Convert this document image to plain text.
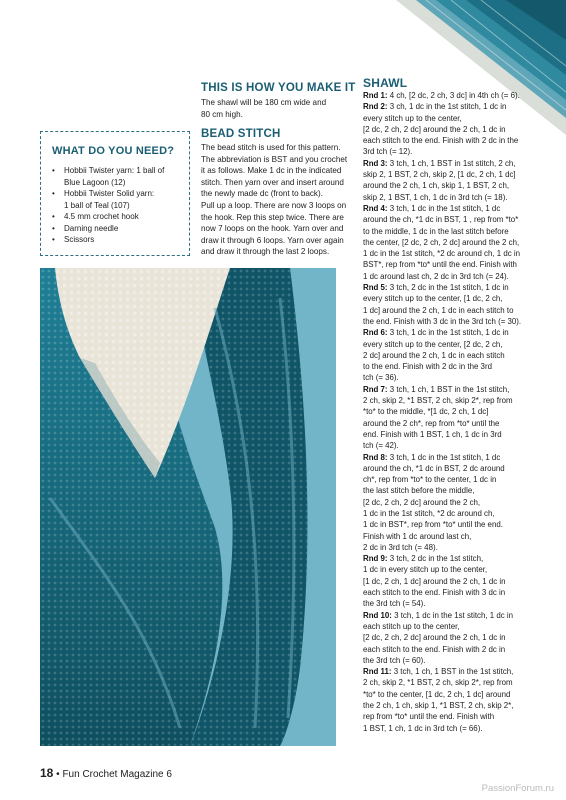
THIS IS HOW YOU MAKE IT
The shawl will be 180 cm wide and
80 cm high.
BEAD STITCH
The bead stitch is used for this pattern.
The abbreviation is BST and you crochet
it as follows. Make 1 dc in the indicated
stitch. Then yarn over and insert around
the newly made dc (front to back).
Pull up a loop. There are now 3 loops on
the hook. Rep this step twice. There are
now 7 loops on the hook. Yarn over and
draw it through 6 loops. Yarn over again
and draw it through the last 2 loops.
WHAT DO YOU NEED?
• Hobbii Twister yarn: 1 ball of
Blue Lagoon (12)
• Hobbii Twister Solid yarn:
1 ball of Teal (107)
• 4.5 mm crochet hook
• Darning needle
• Scissors
SHAWL

Rnd 1: 4 ch, [2 dc, 2 ch, 3 dc] in 4th ch (= 6).

Rnd 2: 3 ch, 1 dc in the 1st stitch, 1 dc in
every stitch up to the center,
[2 dc, 2 ch, 2 dc] around the 2 ch, 1 dc in
each stitch to the end. Finish with 2 dc in the
3rd tch (= 12).

Rnd 3: 3 tch, 1 ch, 1 BST in 1st stitch, 2 ch,
skip 2, 1 BST, 2 ch, skip 2, [1 dc, 2 ch, 1 dc]
around the 2 ch, 1 ch, skip 1, 1 BST, 2 ch,
skip 2, 1 BST, 1 ch, 1 dc in 3rd tch (= 18).

Rnd 4: 3 tch, 1 dc in the 1st stitch, 1 dc
around the ch, *1 dc in BST, 1 , rep from *to*
to the middle, 1 dc in the last stitch before
the center, [2 dc, 2 ch, 2 dc] around the 2 ch,
1 dc in the 1st stitch, *2 dc around ch, 1 dc in
BST*, rep from *to* until the end. Finish with
1 dc around last ch, 2 dc in 3rd tch (= 24).

Rnd 5: 3 tch, 2 dc in the 1st stitch, 1 dc in
every stitch up to the center, [1 dc, 2 ch,
1 dc] around the 2 ch, 1 dc in each stitch to
the end. Finish with 3 dc in the 3rd tch (= 30).

Rnd 6: 3 tch, 1 dc in the 1st stitch, 1 dc in
every stitch up to the center, [2 dc, 2 ch,
2 dc] around the 2 ch, 1 dc in each stitch
to the end. Finish with 2 dc in the 3rd
tch (= 36).

Rnd 7: 3 tch, 1 ch, 1 BST in the 1st stitch,
2 ch, skip 2, *1 BST, 2 ch, skip 2*, rep from
*to* to the middle, *[1 dc, 2 ch, 1 dc]
around the 2 ch*, rep from *to* until the
end. Finish with 1 BST, 1 ch, 1 dc in 3rd
tch (= 42).

Rnd 8: 3 tch, 1 dc in the 1st stitch, 1 dc
around the ch, *1 dc in BST, 2 dc around
ch*, rep from *to* to the center, 1 dc in
the last stitch before the middle,
[2 dc, 2 ch, 2 dc] around the 2 ch,
1 dc in the 1st stitch, *2 dc around ch,
1 dc in BST*, rep from *to* until the end.
Finish with 1 dc around last ch,
2 dc in 3rd tch (= 48).

Rnd 9: 3 tch, 2 dc in the 1st stitch,
1 dc in every stitch up to the center,
[1 dc, 2 ch, 1 dc] around the 2 ch, 1 dc in
each stitch to the end. Finish with 3 dc in
the 3rd tch (= 54).

Rnd 10: 3 tch, 1 dc in the 1st stitch, 1 dc in
each stitch up to the center,
[2 dc, 2 ch, 2 dc] around the 2 ch, 1 dc in
each stitch to the end. Finish with 2 dc in
the 3rd tch (= 60).

Rnd 11: 3 tch, 1 ch, 1 BST in the 1st stitch,
2 ch, skip 2, *1 BST, 2 ch, skip 2*, rep from
*to* to the center, [1 dc, 2 ch, 1 dc] around
the 2 ch, 1 ch, skip 1, *1 BST, 2 ch, skip 2*,
rep from *to* until the end. Finish with
1 BST, 1 ch, 1 dc in 3rd tch (= 66).

18 • Fun Crochet Magazine 6
PassionForum.ru
